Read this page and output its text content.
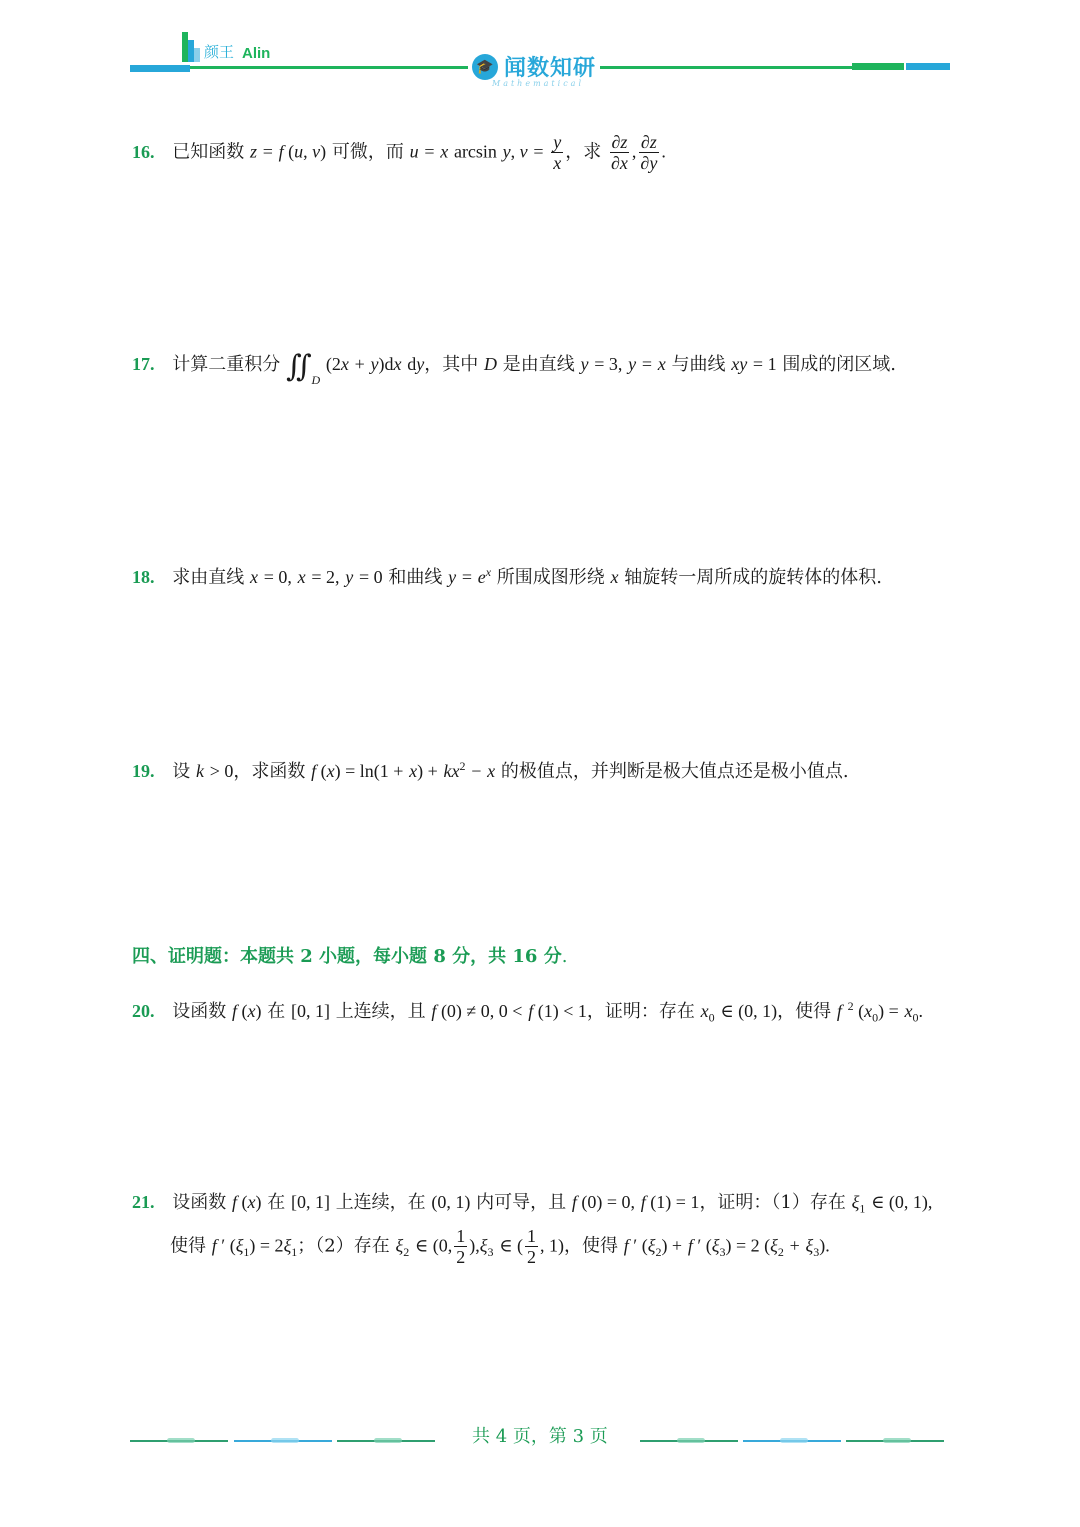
颜王 Alin
🎓 闻数知研
Mathematical
16. 已知函数 z = f (u, v) 可微，而 u = x arcsin y, $v = \frac{y}{x}$ ，求 $\frac{\partial z}{\partial x}$ , $\frac{\partial z}{\partial y}$ .
17. 计算二重积分 $∬_D$ (2x + y)dx dy，其中 D 是由直线 y = 3, y = x 与曲线 xy = 1 围成的闭区域.
18. 求由直线 x = 0, x = 2, y = 0 和曲线 $y = e^x$ 所围成图形绕 x 轴旋转一周所成的旋转体的体积.
19. 设 k > 0，求函数 f $(x) = \ln(1 + x) + kx^2 - x$ 的极值点，并判断是极大值点还是极小值点.
四、证明题：本题共 2 小题，每小题 8 分，共 16 分.
20. 设函数 f (x) 在 [0, 1] 上连续，且 f (0) ≠ 0, 0 < f (1) < 1，证明：存在 $x_0$ ∈ (0, 1)，使得 f $^2$ $(x_0) = x_0$.
21. 设函数 f (x) 在 [0, 1] 上连续，在 (0, 1) 内可导，且 f (0) = 0, f (1) = 1，证明：（1）存在 $\xi_1$ ∈ (0, 1),
使得 f ′ $(\xi_1) = 2\xi_1$；（2）存在 $\xi_2$ ∈ (0, $\frac{1}{2} ),\xi_3$ ∈ ( $\frac{1}{2}$ , 1)，使得 f ′ $(\xi_2) + f$ ′ $(\xi_3) = 2$ $(\xi_2 + \xi_3)$.
共 4 页，第 3 页
